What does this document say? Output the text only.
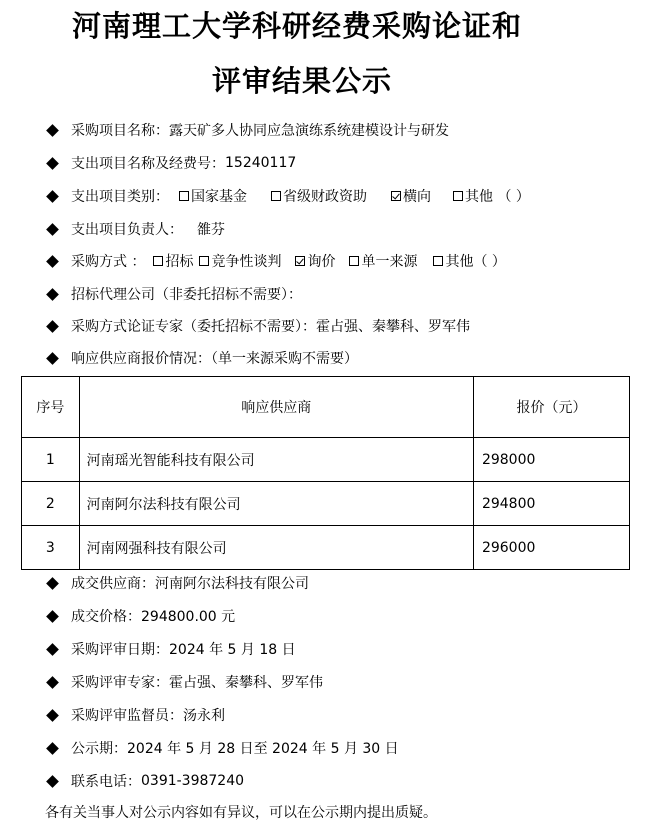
河南理工大学科研经费采购论证和
评审结果公示
采购项目名称： 露天矿多人协同应急演练系统建模设计与研发
支出项目名称及经费号： 15240117
支出项目类别： 国家基金	省级财政资助	横向 其他 （ ）
支出项目负责人： 雒芬
采购方式 ： 招标 竞争性谈判 询价 单一来源 其他（ ）
招标代理公司（非委托招标不需要）：
采购方式论证专家（委托招标不需要）： 霍占强、秦攀科、罗军伟
响应供应商报价情况：（单一来源采购不需要）
序号	响应供应商	报价（元）
1	河南瑶光智能科技有限公司	298000
2	河南阿尔法科技有限公司	294800
3	河南网强科技有限公司	296000
成交供应商： 河南阿尔法科技有限公司
成交价格： 294800.00 元
采购评审日期： 2024 年 5 月 18 日
采购评审专家： 霍占强、秦攀科、罗军伟
采购评审监督员： 汤永利
公示期： 2024 年 5 月 28 日至 2024 年 5 月 30 日
联系电话： 0391-3987240
各有关当事人对公示内容如有异议，可以在公示期内提出质疑。
